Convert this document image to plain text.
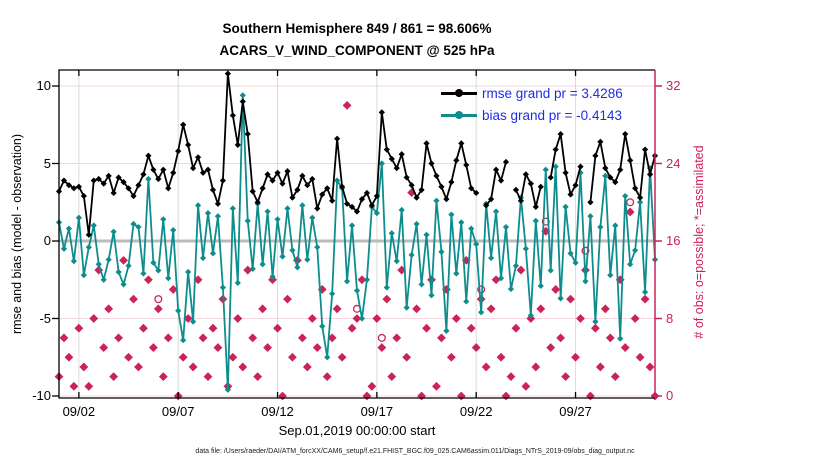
Southern Hemisphere 849 / 861 = 98.606%
ACARS_V_WIND_COMPONENT @ 525 hPa
rmse and bias (model - observation)	# of obs: o=possible; *=assimilated
Sep.01,2019 00:00:00 start
rmse grand pr = 3.4286
bias grand pr = -0.4143
data file: /Users/raeder/DAI/ATM_forcXX/CAM6_setup/f.e21.FHIST_BGC.f09_025.CAM6assim.011/Diags_NTrS_2019-09/obs_diag_output.nc
10
5
0
-5
-10
32
24
16
8
0
09/02	09/07	09/12	09/17	09/22	09/27
